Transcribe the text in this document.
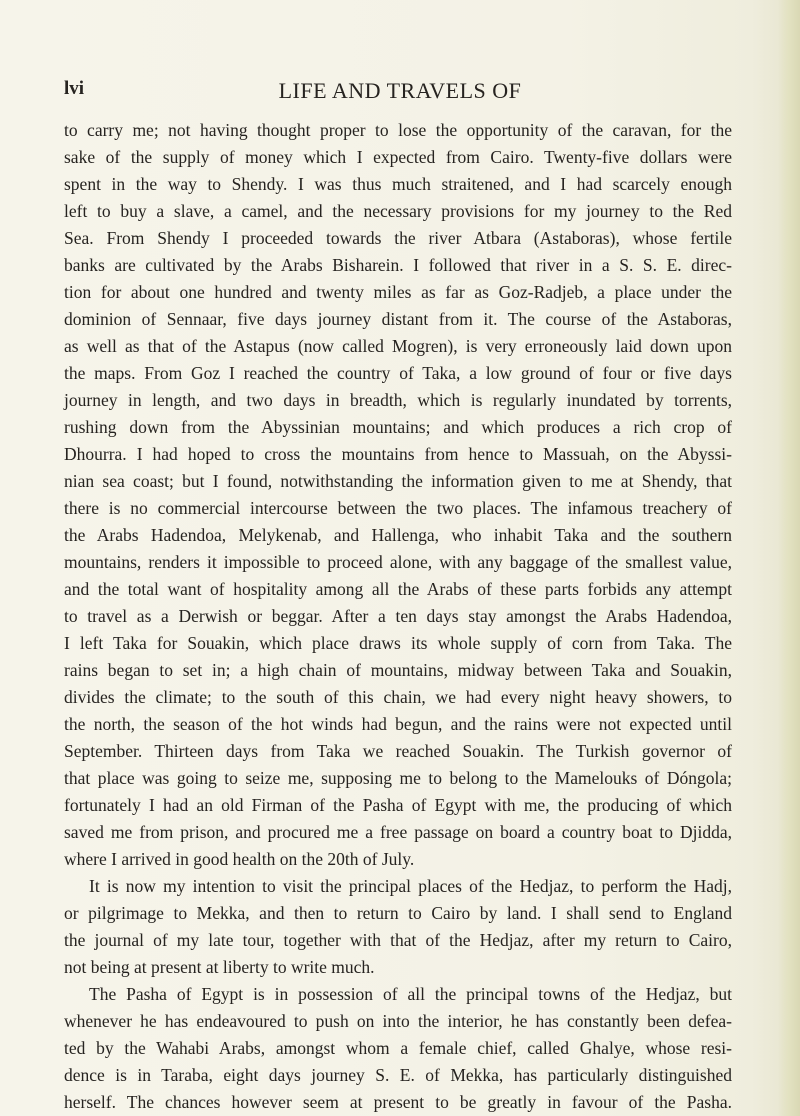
lvi	LIFE AND TRAVELS OF
to carry me; not having thought proper to lose the opportunity of the caravan, for the
sake of the supply of money which I expected from Cairo. Twenty-five dollars were
spent in the way to Shendy. I was thus much straitened, and I had scarcely enough
left to buy a slave, a camel, and the necessary provisions for my journey to the Red
Sea. From Shendy I proceeded towards the river Atbara (Astaboras), whose fertile
banks are cultivated by the Arabs Bisharein. I followed that river in a S. S. E. direc-
tion for about one hundred and twenty miles as far as Goz-Radjeb, a place under the
dominion of Sennaar, five days journey distant from it. The course of the Astaboras,
as well as that of the Astapus (now called Mogren), is very erroneously laid down upon
the maps. From Goz I reached the country of Taka, a low ground of four or five days
journey in length, and two days in breadth, which is regularly inundated by torrents,
rushing down from the Abyssinian mountains; and which produces a rich crop of
Dhourra. I had hoped to cross the mountains from hence to Massuah, on the Abyssi-
nian sea coast; but I found, notwithstanding the information given to me at Shendy, that
there is no commercial intercourse between the two places. The infamous treachery of
the Arabs Hadendoa, Melykenab, and Hallenga, who inhabit Taka and the southern
mountains, renders it impossible to proceed alone, with any baggage of the smallest value,
and the total want of hospitality among all the Arabs of these parts forbids any attempt
to travel as a Derwish or beggar. After a ten days stay amongst the Arabs Hadendoa,
I left Taka for Souakin, which place draws its whole supply of corn from Taka. The
rains began to set in; a high chain of mountains, midway between Taka and Souakin,
divides the climate; to the south of this chain, we had every night heavy showers, to
the north, the season of the hot winds had begun, and the rains were not expected until
September. Thirteen days from Taka we reached Souakin. The Turkish governor of
that place was going to seize me, supposing me to belong to the Mamelouks of Dóngola;
fortunately I had an old Firman of the Pasha of Egypt with me, the producing of which
saved me from prison, and procured me a free passage on board a country boat to Djidda,
where I arrived in good health on the 20th of July.
It is now my intention to visit the principal places of the Hedjaz, to perform the Hadj,
or pilgrimage to Mekka, and then to return to Cairo by land. I shall send to England
the journal of my late tour, together with that of the Hedjaz, after my return to Cairo,
not being at present at liberty to write much.
The Pasha of Egypt is in possession of all the principal towns of the Hedjaz, but
whenever he has endeavoured to push on into the interior, he has constantly been defea-
ted by the Wahabi Arabs, amongst whom a female chief, called Ghalye, whose resi-
dence is in Taraba, eight days journey S. E. of Mekka, has particularly distinguished
herself. The chances however seem at present to be greatly in favour of the Pasha.
